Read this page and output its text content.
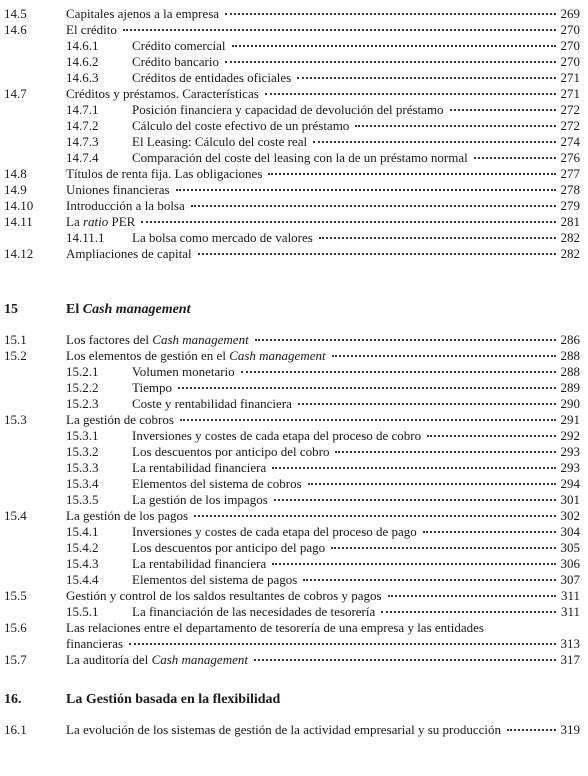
14.5	Capitales ajenos a la empresa	269
14.6	El crédito	270
14.6.1	Crédito comercial	270
14.6.2	Crédito bancario	270
14.6.3	Créditos de entidades oficiales	271
14.7	Créditos y préstamos. Características	271
14.7.1	Posición financiera y capacidad de devolución del préstamo	272
14.7.2	Cálculo del coste efectivo de un préstamo	272
14.7.3	El Leasing: Cálculo del coste real	274
14.7.4	Comparación del coste del leasing con la de un préstamo normal	276
14.8	Títulos de renta fija. Las obligaciones	277
14.9	Uniones financieras	278
14.10	Introducción a la bolsa	279
14.11	La ratio PER	281
14.11.1 La bolsa como mercado de valores	282
14.12	Ampliaciones de capital	282
15	El Cash management
15.1	Los factores del Cash management	286
15.2	Los elementos de gestión en el Cash management	288
15.2.1	Volumen monetario	288
15.2.2	Tiempo	289
15.2.3	Coste y rentabilidad financiera	290
15.3	La gestión de cobros	291
15.3.1	Inversiones y costes de cada etapa del proceso de cobro	292
15.3.2	Los descuentos por anticipo del cobro	293
15.3.3	La rentabilidad financiera	293
15.3.4	Elementos del sistema de cobros	294
15.3.5	La gestión de los impagos	301
15.4	La gestión de los pagos	302
15.4.1	Inversiones y costes de cada etapa del proceso de pago	304
15.4.2	Los descuentos por anticipo del pago	305
15.4.3	La rentabilidad financiera	306
15.4.4	Elementos del sistema de pagos	307
15.5	Gestión y control de los saldos resultantes de cobros y pagos	311
15.5.1	La financiación de las necesidades de tesorería	311
15.6	Las relaciones entre el departamento de tesorería de una empresa y las entidades
financieras	313
15.7	La auditoría del Cash management	317
16.	La Gestión basada en la flexibilidad
16.1	La evolución de los sistemas de gestión de la actividad empresarial y su producción	319
